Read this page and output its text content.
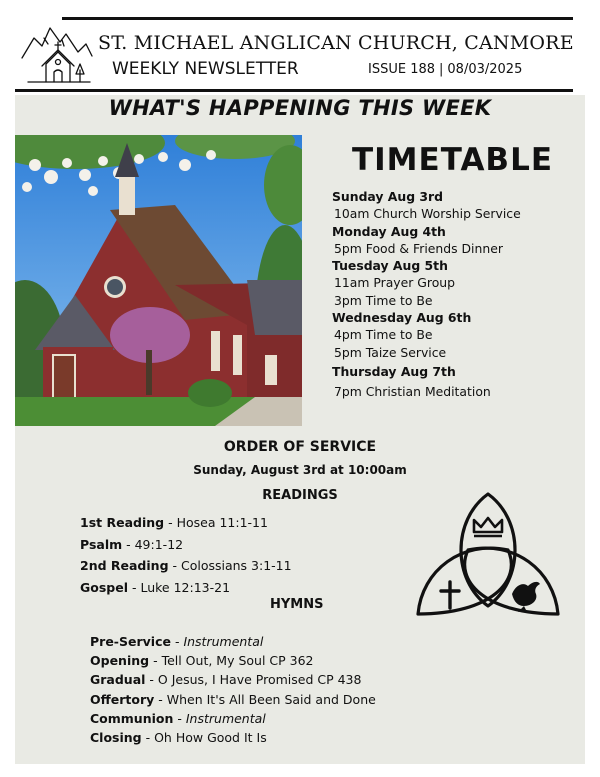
ST. MICHAEL ANGLICAN CHURCH, CANMORE
WEEKLY NEWSLETTER	ISSUE 188 | 08/03/2025
WHAT'S HAPPENING THIS WEEK
TIMETABLE
Sunday Aug 3rd
10am Church Worship Service
Monday Aug 4th
5pm Food & Friends Dinner
Tuesday Aug 5th
11am Prayer Group
3pm Time to Be
Wednesday Aug 6th
4pm Time to Be
5pm Taize Service
Thursday Aug 7th
7pm Christian Meditation
ORDER OF SERVICE
Sunday, August 3rd at 10:00am
READINGS
1st Reading - Hosea 11:1-11
Psalm - 49:1-12
2nd Reading - Colossians 3:1-11
Gospel - Luke 12:13-21
HYMNS
Pre-Service - Instrumental
Opening - Tell Out, My Soul CP 362
Gradual - O Jesus, I Have Promised CP 438
Offertory - When It's All Been Said and Done
Communion - Instrumental
Closing - Oh How Good It Is
